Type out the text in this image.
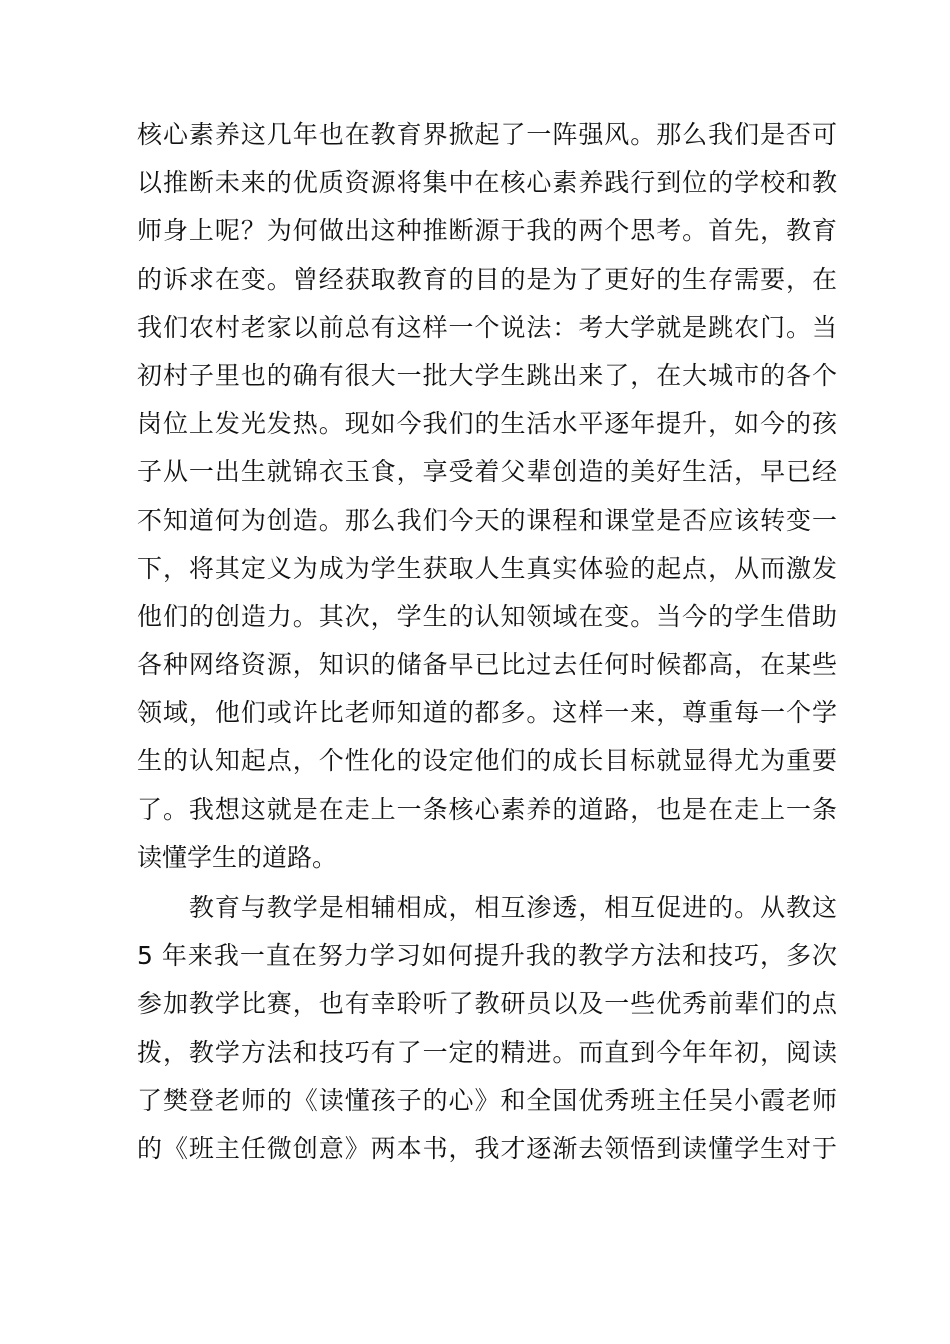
核心素养这几年也在教育界掀起了一阵强风。那么我们是否可
以推断未来的优质资源将集中在核心素养践行到位的学校和教
师身上呢？为何做出这种推断源于我的两个思考。首先，教育
的诉求在变。曾经获取教育的目的是为了更好的生存需要，在
我们农村老家以前总有这样一个说法：考大学就是跳农门。当
初村子里也的确有很大一批大学生跳出来了，在大城市的各个
岗位上发光发热。现如今我们的生活水平逐年提升，如今的孩
子从一出生就锦衣玉食，享受着父辈创造的美好生活，早已经
不知道何为创造。那么我们今天的课程和课堂是否应该转变一
下，将其定义为成为学生获取人生真实体验的起点，从而激发
他们的创造力。其次，学生的认知领域在变。当今的学生借助
各种网络资源，知识的储备早已比过去任何时候都高，在某些
领域，他们或许比老师知道的都多。这样一来，尊重每一个学
生的认知起点，个性化的设定他们的成长目标就显得尤为重要
了。我想这就是在走上一条核心素养的道路，也是在走上一条
读懂学生的道路。
　　教育与教学是相辅相成，相互渗透，相互促进的。从教这
5 年来我一直在努力学习如何提升我的教学方法和技巧，多次
参加教学比赛，也有幸聆听了教研员以及一些优秀前辈们的点
拨，教学方法和技巧有了一定的精进。而直到今年年初，阅读
了樊登老师的《读懂孩子的心》和全国优秀班主任吴小霞老师
的《班主任微创意》两本书，我才逐渐去领悟到读懂学生对于
